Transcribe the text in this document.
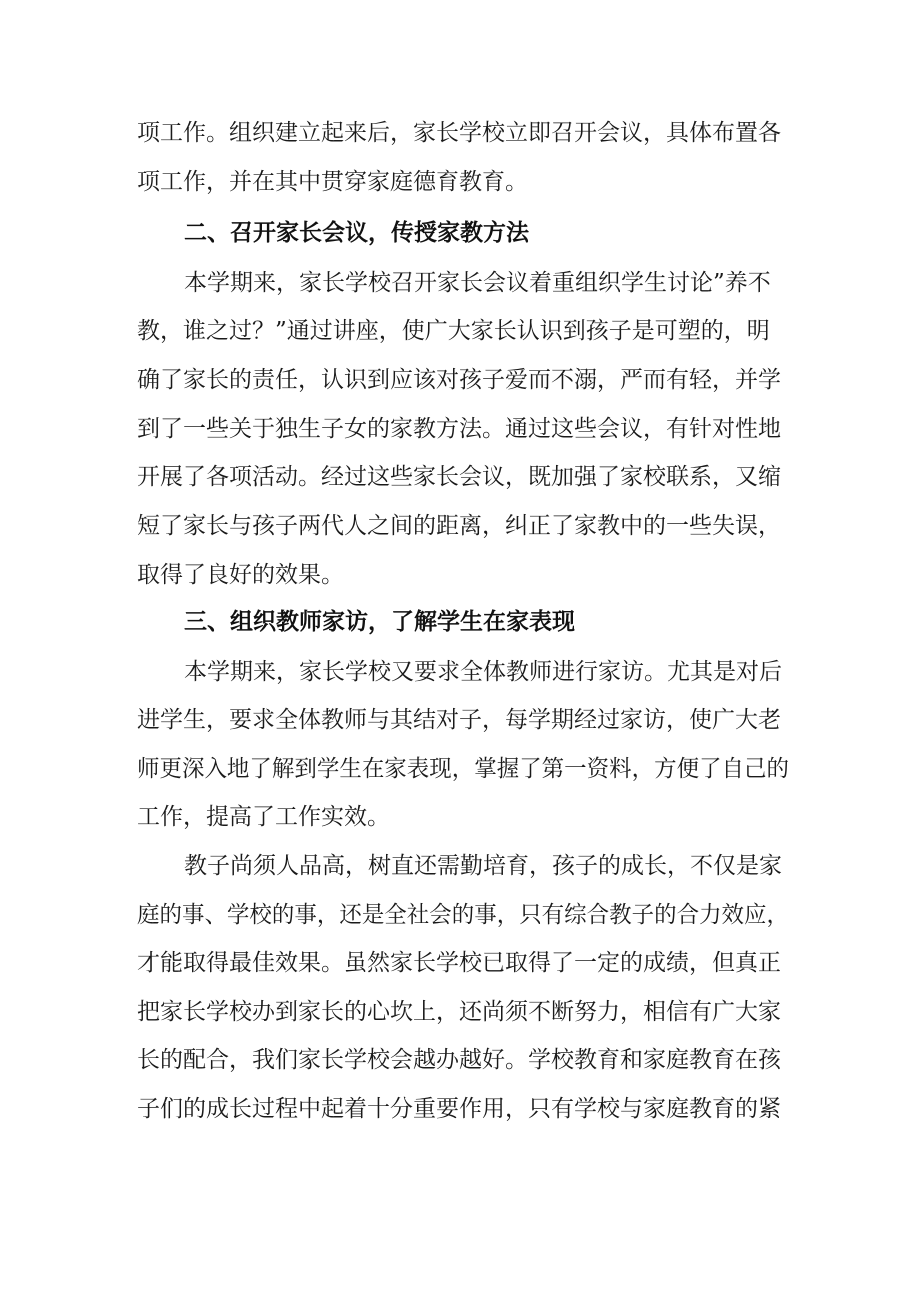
项工作。组织建立起来后，家长学校立即召开会议，具体布置各

项工作，并在其中贯穿家庭德育教育。

二、召开家长会议，传授家教方法

本学期来，家长学校召开家长会议着重组织学生讨论”养不

教，谁之过？”通过讲座，使广大家长认识到孩子是可塑的，明

确了家长的责任，认识到应该对孩子爱而不溺，严而有轻，并学

到了一些关于独生子女的家教方法。通过这些会议，有针对性地

开展了各项活动。经过这些家长会议，既加强了家校联系，又缩

短了家长与孩子两代人之间的距离，纠正了家教中的一些失误，

取得了良好的效果。

三、组织教师家访，了解学生在家表现

本学期来，家长学校又要求全体教师进行家访。尤其是对后

进学生，要求全体教师与其结对子，每学期经过家访，使广大老

师更深入地了解到学生在家表现，掌握了第一资料，方便了自己的

工作，提高了工作实效。

教子尚须人品高，树直还需勤培育，孩子的成长，不仅是家

庭的事、学校的事，还是全社会的事，只有综合教子的合力效应，

才能取得最佳效果。虽然家长学校已取得了一定的成绩，但真正

把家长学校办到家长的心坎上，还尚须不断努力，相信有广大家

长的配合，我们家长学校会越办越好。学校教育和家庭教育在孩

子们的成长过程中起着十分重要作用，只有学校与家庭教育的紧
